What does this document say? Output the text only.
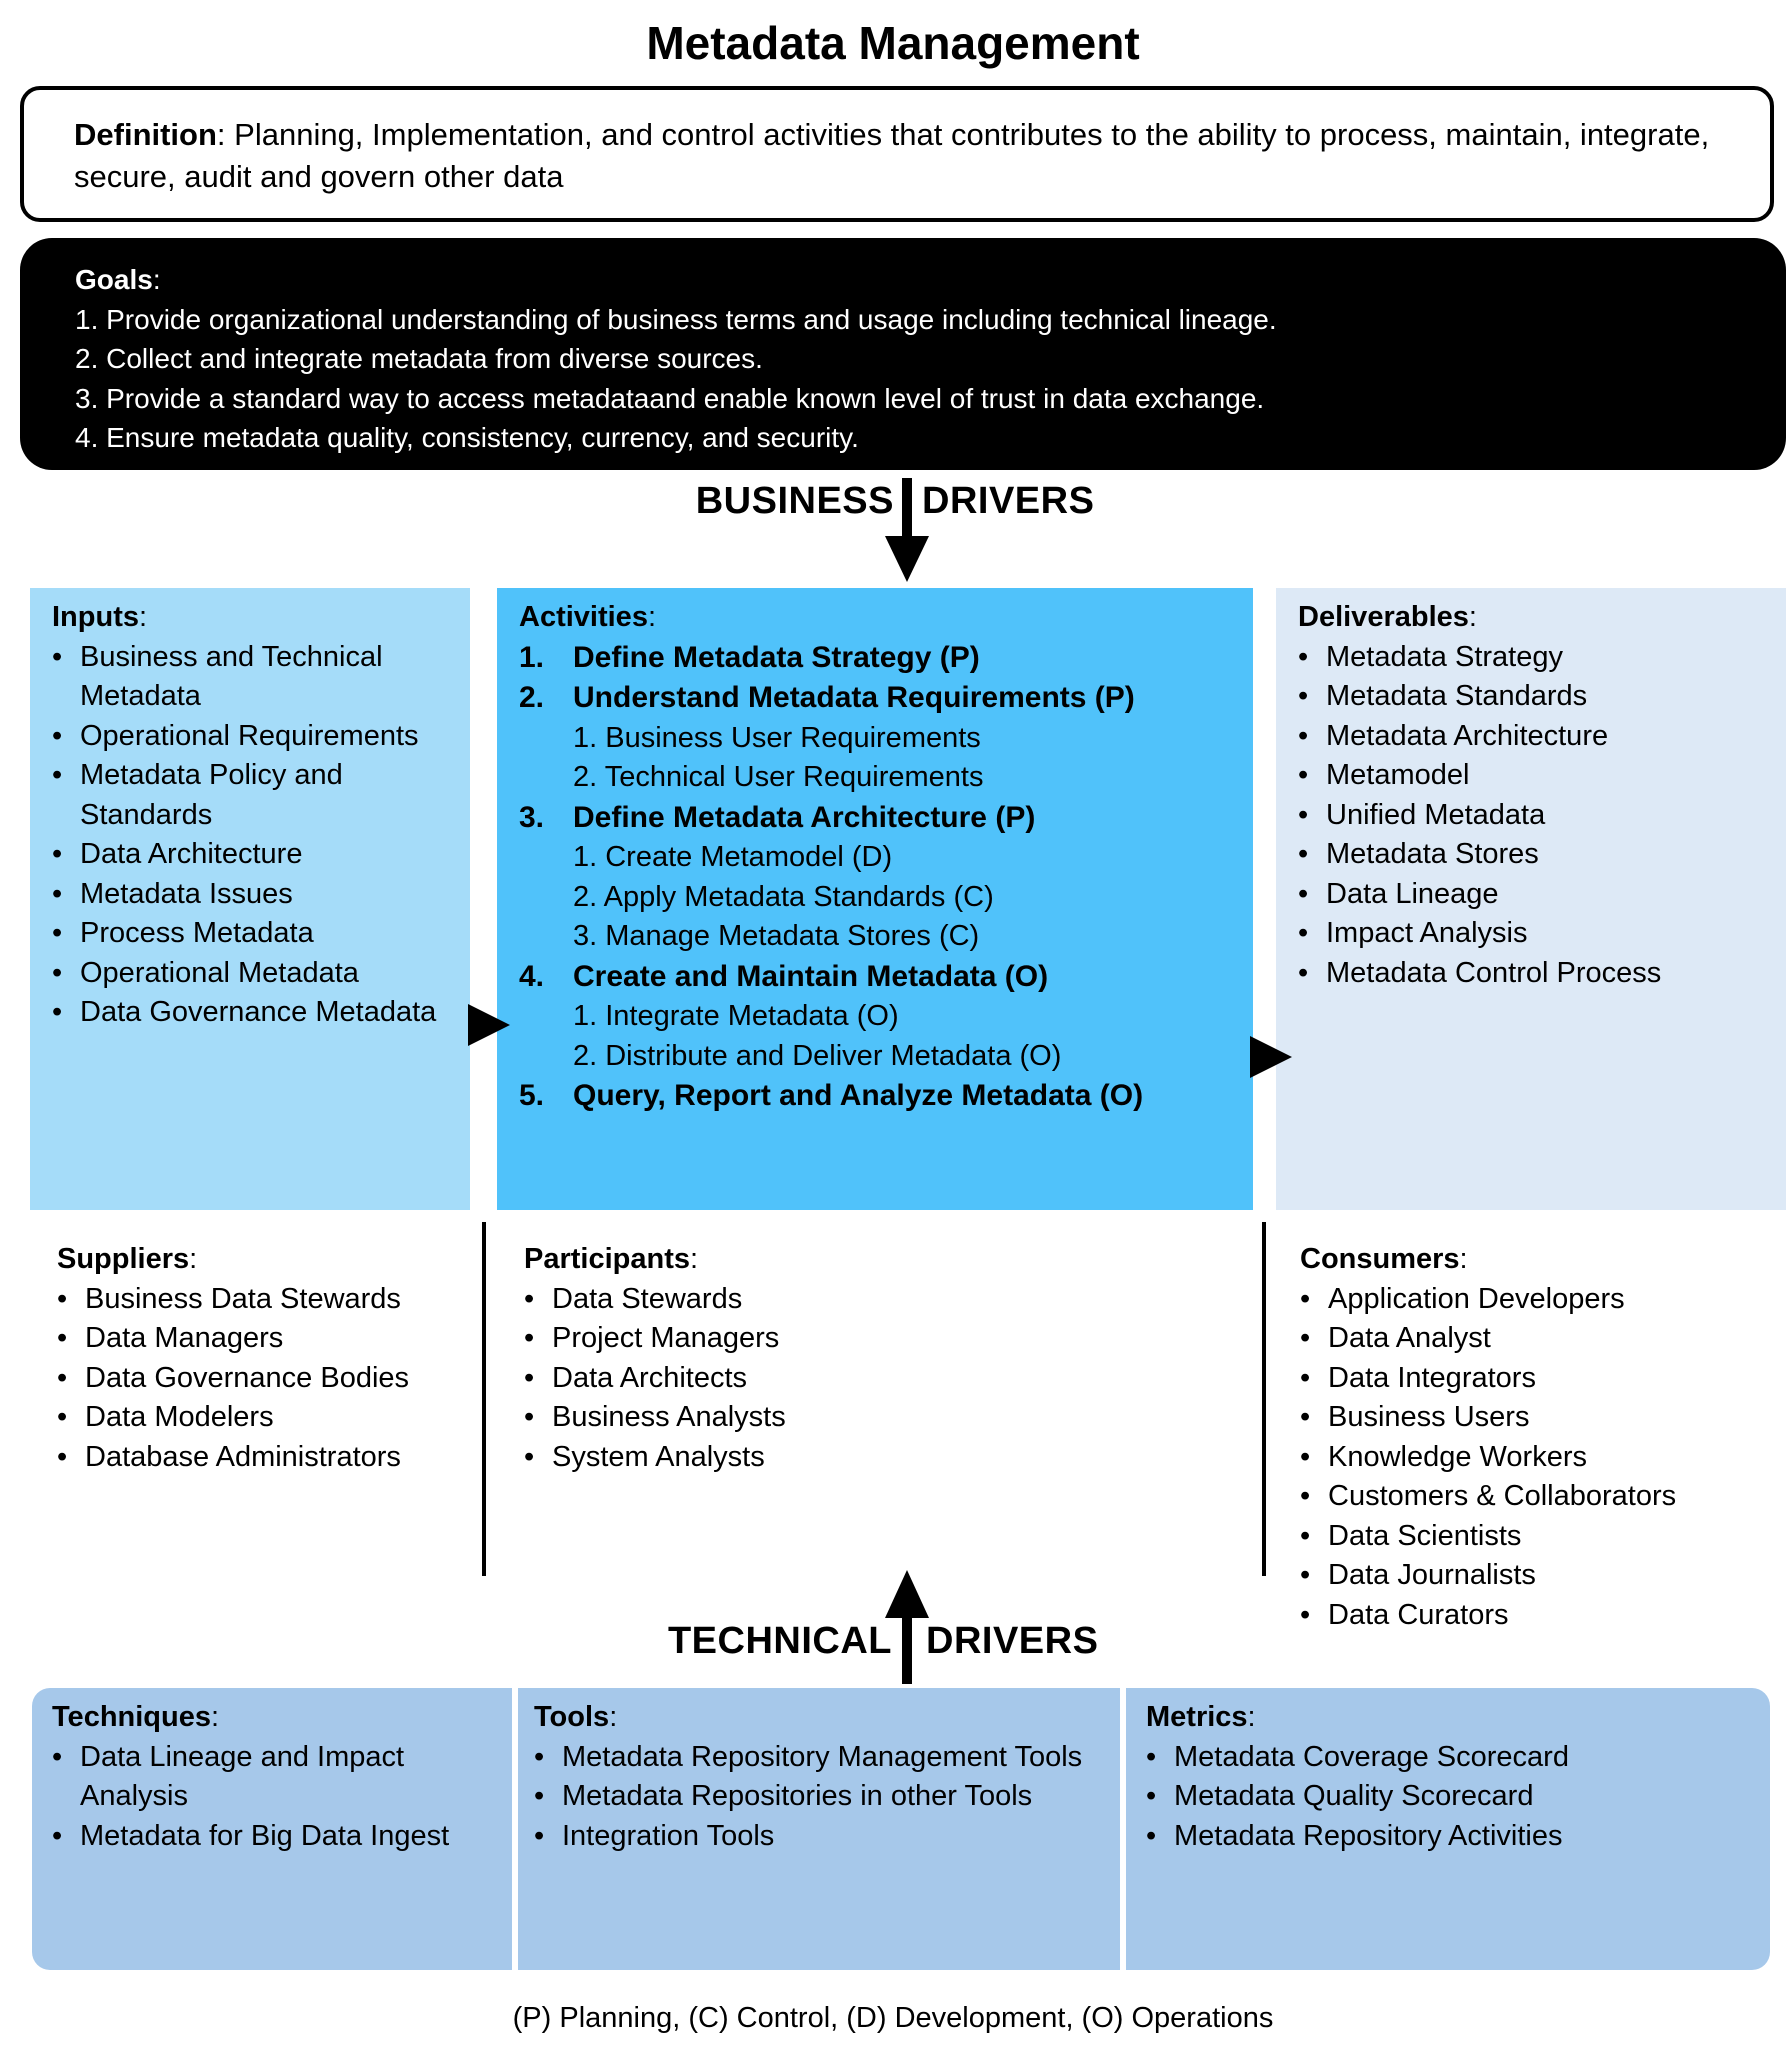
Metadata Management
Definition: Planning, Implementation, and control activities that contributes to the ability to process, maintain, integrate, secure, audit and govern other data
Goals:
1. Provide organizational understanding of business terms and usage including technical lineage.
2. Collect and integrate metadata from diverse sources.
3. Provide a standard way to access metadataand enable known level of trust in data exchange.
4. Ensure metadata quality, consistency, currency, and security.
BUSINESS DRIVERS
Inputs:
• Business and Technical Metadata
• Operational Requirements
• Metadata Policy and Standards
• Data Architecture
• Metadata Issues
• Process Metadata
• Operational Metadata
• Data Governance Metadata
Activities:
1. Define Metadata Strategy (P)
2. Understand Metadata Requirements (P)
1. Business User Requirements
2. Technical User Requirements
3. Define Metadata Architecture (P)
1. Create Metamodel (D)
2. Apply Metadata Standards (C)
3. Manage Metadata Stores (C)
4. Create and Maintain Metadata (O)
1. Integrate Metadata (O)
2. Distribute and Deliver Metadata (O)
5. Query, Report and Analyze Metadata (O)
Deliverables:
• Metadata Strategy
• Metadata Standards
• Metadata Architecture
• Metamodel
• Unified Metadata
• Metadata Stores
• Data Lineage
• Impact Analysis
• Metadata Control Process
Suppliers:
• Business Data Stewards
• Data Managers
• Data Governance Bodies
• Data Modelers
• Database Administrators
Participants:
• Data Stewards
• Project Managers
• Data Architects
• Business Analysts
• System Analysts
Consumers:
• Application Developers
• Data Analyst
• Data Integrators
• Business Users
• Knowledge Workers
• Customers & Collaborators
• Data Scientists
• Data Journalists
• Data Curators
TECHNICAL DRIVERS
Techniques:
• Data Lineage and Impact Analysis
• Metadata for Big Data Ingest
Tools:
• Metadata Repository Management Tools
• Metadata Repositories in other Tools
• Integration Tools
Metrics:
• Metadata Coverage Scorecard
• Metadata Quality Scorecard
• Metadata Repository Activities
(P) Planning, (C) Control, (D) Development, (O) Operations
